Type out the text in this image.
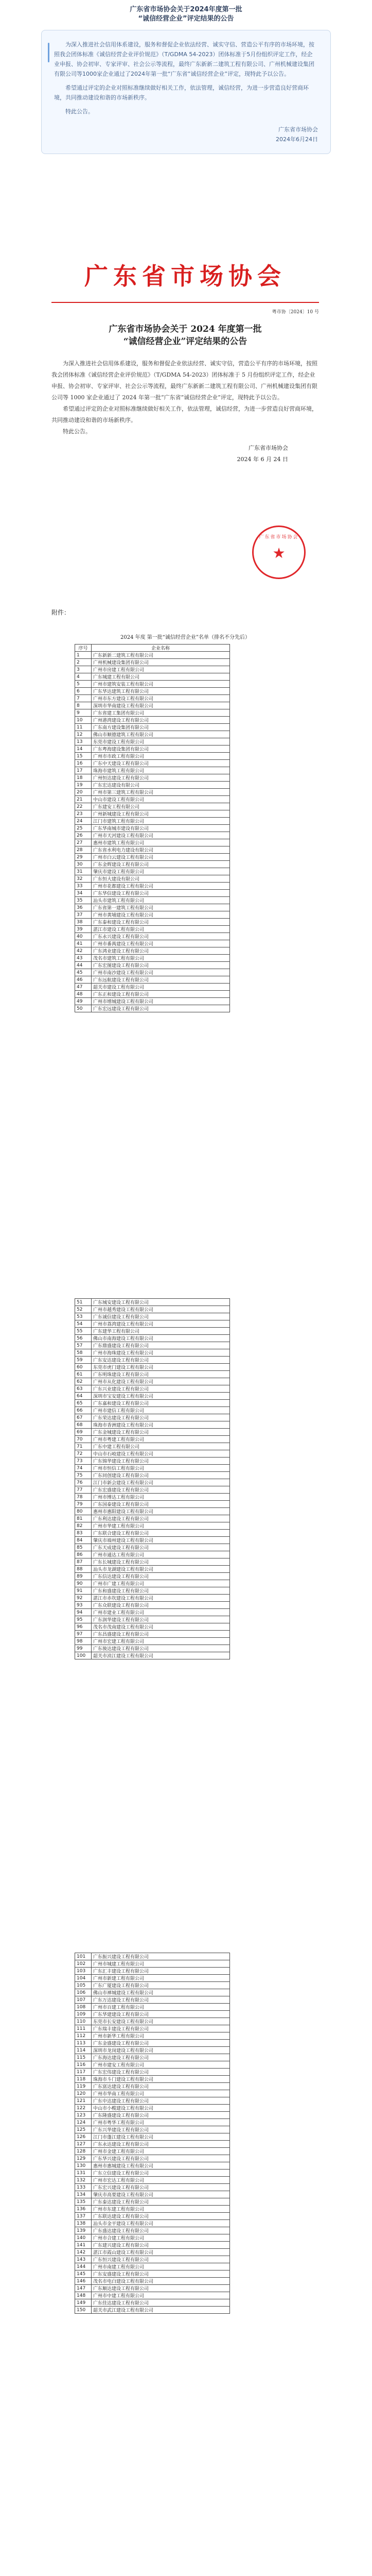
广东省市场协会关于2024年度第一批
“诚信经营企业”评定结果的公告

为深入推进社会信用体系建设，服务和督促企业依法经营、诚实守信、营造公平有序的市场环境，按照我会团体标准《诚信经营企业评价规范》（T/GDMA 54-2023）团体标准于5月份组织评定工作，经企业申报、协会初审、专家评审、社会公示等流程，最终广东新新二建筑工程有限公司、广州机械建设集团有限公司等1000家企业通过了2024年第一批“广东省”诚信经营企业”评定，现特此予以公告。

希望通过评定的企业对照标准继续做好相关工作，依法管理，诚信经营，为进一步营造良好营商环境，共同推动建设和谐的市场新秩序。

特此公告。

广东省市场协会
2024年6月24日
广东省市场协会
粤市协〔2024〕10 号
广东省市场协会关于 2024 年度第一批
“诚信经营企业”评定结果的公告

为深入推进社会信用体系建设，服务和督促企业依法经营、诚实守信，营造公平有序的市场环境，按照我会团体标准《诚信经营企业评价规范》（T/GDMA 54-2023）团体标准于 5 月份组织评定工作，经企业申报、协会初审、专家评审、社会公示等流程，最终广东新新二建筑工程有限公司、广州机械建设集团有限公司等 1000 家企业通过了 2024 年第一批“广东省”诚信经营企业”评定，现特此予以公告。

希望通过评定的企业对照标准继续做好相关工作，依法管理，诚信经营，为进一步营造良好营商环境，共同推动建设和谐的市场新秩序。

特此公告。

广东省市场协会
2024 年 6 月 24 日
广东省市场协会
★
附件：
2024 年度 第一批“诚信经营企业”名单（排名不分先后）
序号	企业名称
1	广东新新二建筑工程有限公司
2	广州机械建设集团有限公司
3	广州市房建工程有限公司
4	广东城建工程有限公司
5	广州市建筑安装工程有限公司
6	广东华达建筑工程有限公司
7	广州市东方建设工程有限公司
8	深圳市华南建设工程有限公司
9	广东省建工集团有限公司
10	广州港湾建设工程有限公司
11	广东南方建设集团有限公司
12	佛山市顺德建筑工程有限公司
13	东莞市建设工程有限公司
14	广东粤海建设集团有限公司
15	广州市市政工程有限公司
16	广东中天建设工程有限公司
17	珠海市建筑工程有限公司
18	广州恒达建设工程有限公司
19	广东宏达建设有限公司
20	广州市第三建筑工程有限公司
21	中山市建设工程有限公司
22	广东建安工程有限公司
23	广州新城建设工程有限公司
24	江门市建筑工程有限公司
25	广东华南城市建设有限公司
26	广州市天河建设工程有限公司
27	惠州市建筑工程有限公司
28	广东省水利电力建设有限公司
29	广州市白云建设工程有限公司
30	广东金辉建设工程有限公司
31	肇庆市建设工程有限公司
32	广东恒大建设有限公司
33	广州市花都建设工程有限公司
34	广东华信建设工程有限公司
35	汕头市建筑工程有限公司
36	广东省第一建筑工程有限公司
37	广州市黄埔建设工程有限公司
38	广东泰和建设工程有限公司
39	湛江市建设工程有限公司
40	广东永兴建设工程有限公司
41	广州市番禺建设工程有限公司
42	广东鸿业建设工程有限公司
43	茂名市建筑工程有限公司
44	广东宏图建设工程有限公司
45	广州市南沙建设工程有限公司
46	广东远航建设工程有限公司
47	韶关市建设工程有限公司
48	广东正和建设工程有限公司
49	广州市增城建设工程有限公司
50	广东宏远建设工程有限公司
51	广东城安建设工程有限公司
52	广州市越秀建设工程有限公司
53	广东诚信建设工程有限公司
54	广州市荔湾建设工程有限公司
55	广东建华工程有限公司
56	佛山市南海建设工程有限公司
57	广东鼎盛建设工程有限公司
58	广州市海珠建设工程有限公司
59	广东安达建设工程有限公司
60	东莞市虎门建设工程有限公司
61	广东明珠建设工程有限公司
62	广州市从化建设工程有限公司
63	广东兴业建设工程有限公司
64	深圳市宝安建设工程有限公司
65	广东嘉和建设工程有限公司
66	广州市建信工程有限公司
67	广东荣达建设工程有限公司
68	珠海市香洲建设工程有限公司
69	广东金城建设工程有限公司
70	广州市粤建工程有限公司
71	广东中建工程有限公司
72	中山市石岐建设工程有限公司
73	广东锦华建设工程有限公司
74	广州市恒信工程有限公司
75	广东同创建设工程有限公司
76	江门市新会建设工程有限公司
77	广东宏盛建设工程有限公司
78	广州市博达工程有限公司
79	广东国泰建设工程有限公司
80	惠州市惠阳建设工程有限公司
81	广东利达建设工程有限公司
82	广州市华建工程有限公司
83	广东联合建设工程有限公司
84	肇庆市端州建设工程有限公司
85	广东天成建设工程有限公司
86	广州市通达工程有限公司
87	广东长城建设工程有限公司
88	汕头市龙湖建设工程有限公司
89	广东信达建设工程有限公司
90	广州市广建工程有限公司
91	广东和盛建设工程有限公司
92	湛江市赤坎建设工程有限公司
93	广东众联建设工程有限公司
94	广州市建业工程有限公司
95	广东润华建设工程有限公司
96	茂名市茂南建设工程有限公司
97	广东昌盛建设工程有限公司
98	广州市宏建工程有限公司
99	广东骏达建设工程有限公司
100	韶关市浈江建设工程有限公司
101	广东振兴建设工程有限公司
102	广州市城建工程有限公司
103	广东汇丰建设工程有限公司
104	广州市新建工程有限公司
105	广东广厦建设工程有限公司
106	佛山市禅城建设工程有限公司
107	广东万达建设工程有限公司
108	广州市百建工程有限公司
109	广东华建建设工程有限公司
110	东莞市长安建设工程有限公司
111	广东瑞丰建设工程有限公司
112	广州市新华工程有限公司
113	广东金盛建设工程有限公司
114	深圳市龙岗建设工程有限公司
115	广东海达建设工程有限公司
116	广州市建安工程有限公司
117	广东宏伟建设工程有限公司
118	珠海市斗门建设工程有限公司
119	广东富达建设工程有限公司
120	广州市华南工程有限公司
121	广东中达建设工程有限公司
122	中山市小榄建设工程有限公司
123	广东隆盛建设工程有限公司
124	广州市粤华工程有限公司
125	广东兴华建设工程有限公司
126	江门市蓬江建设工程有限公司
127	广东永达建设工程有限公司
128	广州市金建工程有限公司
129	广东华兴建设工程有限公司
130	惠州市惠城建设工程有限公司
131	广东立信建设工程有限公司
132	广州市宏达工程有限公司
133	广东宏兴建设工程有限公司
134	肇庆市高要建设工程有限公司
135	广东泰达建设工程有限公司
136	广州市东建工程有限公司
137	广东联达建设工程有限公司
138	汕头市金平建设工程有限公司
139	广东盛达建设工程有限公司
140	广州市合建工程有限公司
141	广东建兴建设工程有限公司
142	湛江市霞山建设工程有限公司
143	广东恒兴建设工程有限公司
144	广州市南建工程有限公司
145	广东安盛建设工程有限公司
146	茂名市电白建设工程有限公司
147	广东顺达建设工程有限公司
148	广州市中建工程有限公司
149	广东佳达建设工程有限公司
150	韶关市武江建设工程有限公司
